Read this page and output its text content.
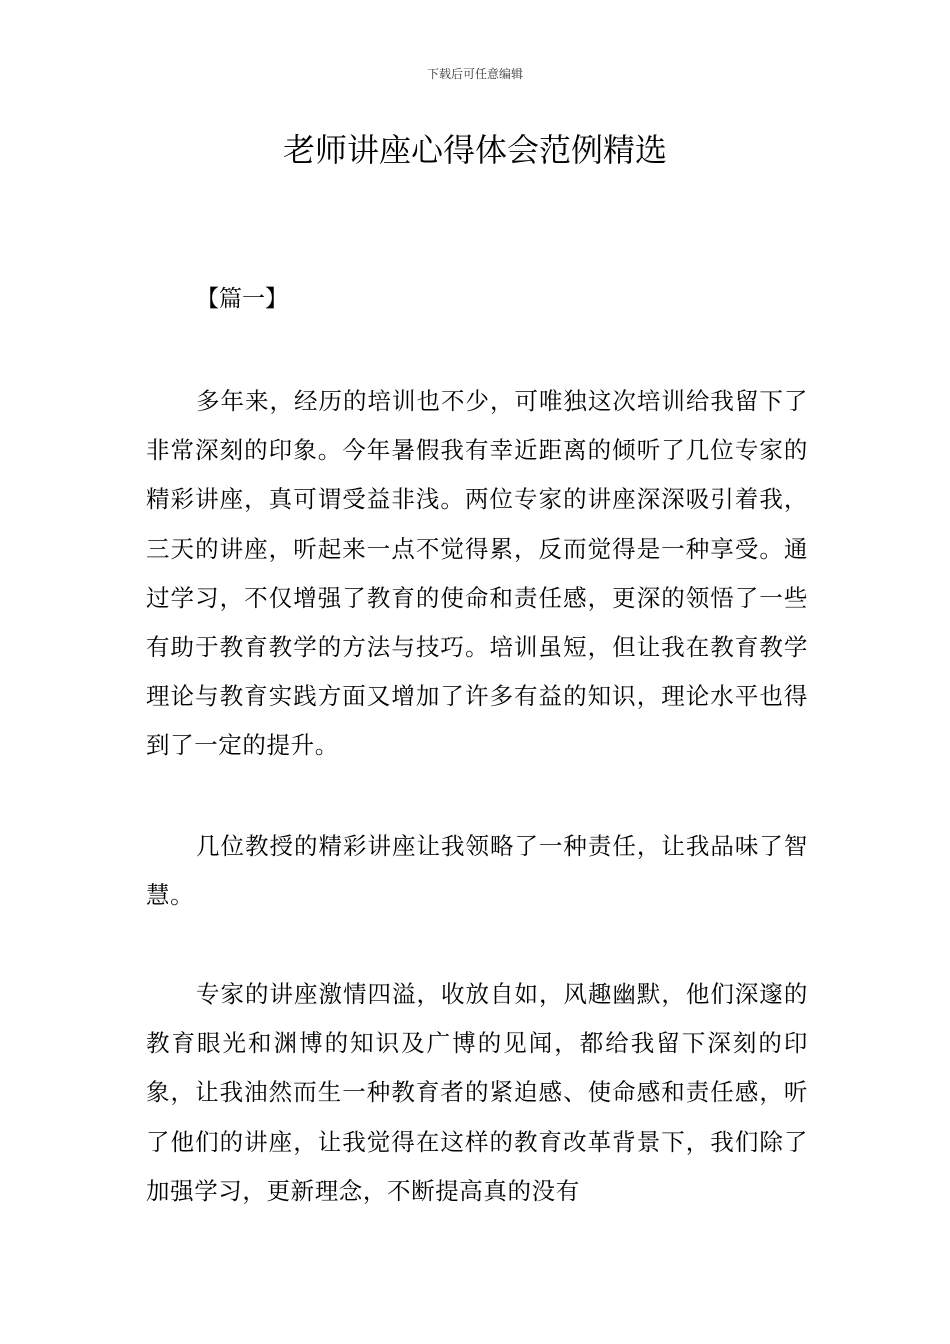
下载后可任意编辑
老师讲座心得体会范例精选

【篇一】

多年来，经历的培训也不少，可唯独这次培训给我留下了非常深刻的印象。今年暑假我有幸近距离的倾听了几位专家的精彩讲座，真可谓受益非浅。两位专家的讲座深深吸引着我，三天的讲座，听起来一点不觉得累，反而觉得是一种享受。通过学习，不仅增强了教育的使命和责任感，更深的领悟了一些有助于教育教学的方法与技巧。培训虽短，但让我在教育教学理论与教育实践方面又增加了许多有益的知识，理论水平也得到了一定的提升。

几位教授的精彩讲座让我领略了一种责任，让我品味了智慧。

专家的讲座激情四溢，收放自如，风趣幽默，他们深邃的教育眼光和渊博的知识及广博的见闻，都给我留下深刻的印象，让我油然而生一种教育者的紧迫感、使命感和责任感，听了他们的讲座，让我觉得在这样的教育改革背景下，我们除了加强学习，更新理念，不断提高真的没有
